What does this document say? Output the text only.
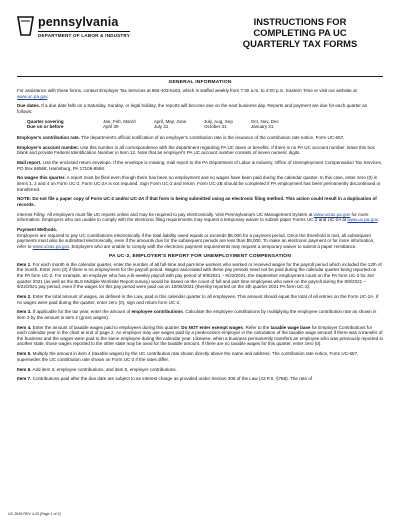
pennsylvania
DEPARTMENT OF LABOR & INDUSTRY
INSTRUCTIONS FOR
COMPLETING PA UC
QUARTERLY TAX FORMS
GENERAL INFORMATION

For assistance with these forms, contact Employer Tax Services at 866-403-6163, which is staffed weekly from 7:30 a.m. to 4:00 p.m. Eastern Time or visit our website at www.uc.pa.gov.

Due dates. If a due date falls on a Saturday, Sunday, or legal holiday, the reports will become due on the next business day. Reports and payment are due for each quarter as follows:

Quarter covering	Jan, Feb, March	April, May, June	July, Aug, Sep	Oct, Nov, Dec
Due on or before	April 30	July 31	October 31	January 31

Employer's contribution rate. The department's official notification of an employer's contribution rate is the issuance of the contribution rate notice, Form UC-657.

Employer's account number. Use this number in all correspondence with the department regarding PA UC taxes or benefits. If there is no PA UC account number, leave this box blank and provide Federal Identification Number in Item 12. Note that an employer's PA UC account number consists of seven numeric digits.

Mail report. Use the enclosed return envelope. If the envelope is missing, mail report to the PA Department of Labor & Industry, Office of Unemployment Compensation Tax Services, PO Box 68568, Harrisburg, PA 17106-8568.

No wages this quarter. A report must be filed even though there has been no employment and no wages have been paid during the calendar quarter. In this case, enter zero (0) in items 1, 2 and 4 on Form UC-2, Form UC-2A is not required. Sign Form UC-2 and return. Form UC-2B should be completed if PA employment has been permanently discontinued or transferred.

NOTE: Do not file a paper copy of Form UC-2 and/or UC-2A if that form is being submitted using an electronic filing method. This action could result in a duplication of records.

Internet Filing. All employers must file UC reports online and may be required to pay electronically. Visit Pennsylvania's UC Management System at www.uctax.pa.gov for more information. Employers who are unable to comply with the electronic filing requirements may request a temporary waiver to submit paper Forms UC-2 and UC-2A at www.uc.pa.gov.

Payment Methods.
Employers are required to pay UC contributions electronically if the total liability owed equals or exceeds $5,000 for a payment period. Once the threshold is met, all subsequent payments must also be submitted electronically, even if the amounts due for the subsequent periods are less than $5,000. To make an electronic payment or for more information, refer to www.uctax.pa.gov. Employers who are unable to comply with the electronic payment requirements may request a temporary waiver to submit a paper remittance.

PA UC-2, EMPLOYER'S REPORT FOR UNEMPLOYMENT COMPENSATION

Item 1. For each month in the calendar quarter, enter the number of all full-time and part-time workers who worked or received wages for the payroll period which included the 12th of the month. Enter zero (0) if there is no employment for the payroll period. Wages associated with these pay periods need not be paid during the calendar quarter being reported on the PA form UC-2. For example, an employer who has a bi-weekly payroll with pay period of 9/9/2021 – 9/22/2021, the September employment count on the PA form UC-2 for 3rd quarter 2021 (as well as the BLS Multiple Worksite Report survey) would be based on the count of full and part time employees who were on the payroll during the 9/9/2021 – 9/22/2021 pay period, even if the wages for this pay period were paid out on 10/05/2021 (thereby reported on the 4th quarter 2021 PA form UC-2).

Item 2. Enter the total amount of wages, as defined in the Law, paid in this calendar quarter to all employees. This amount should equal the total of all entries on the Form UC-2A. If no wages were paid during the quarter, enter zero (0), sign and return form UC-2.

Item 3. If applicable for the tax year, enter the amount of employee contributions. Calculate the employee contributions by multiplying the employee contribution rate as shown in item 3 by the amount in item 2 (gross wages).

Item 4. Enter the amount of taxable wages paid to employees during this quarter. Do NOT enter exempt wages. Refer to the taxable wage base for Employer Contributions for each calendar year in the chart at end of page 2. An employer may use wages paid by a predecessor employer in the calculation of the taxable wage amount if there was a transfer of the business and the wages were paid to the same employee during the calendar year. Likewise, when a business permanently transfers an employee who was previously reported in another state, those wages reported to the other state may be used for the taxable amount. If there are no taxable wages for this quarter, enter zero (0).

Item 5. Multiply the amount in item 4 (taxable wages) by the UC contribution rate shown directly above the name and address. The contribution rate notice, Form UC-657, supersedes the UC contribution rate shown on Form UC-2 if the rates differ.

Item 6. Add item 3, employee contributions, and item 5, employer contributions.

Item 7. Contributions paid after the due date are subject to an interest charge as provided under Section 308 of the Law (43 P.S. §788). The rate of

UC-2INS REV 4-20 (Page 1 of 2)
